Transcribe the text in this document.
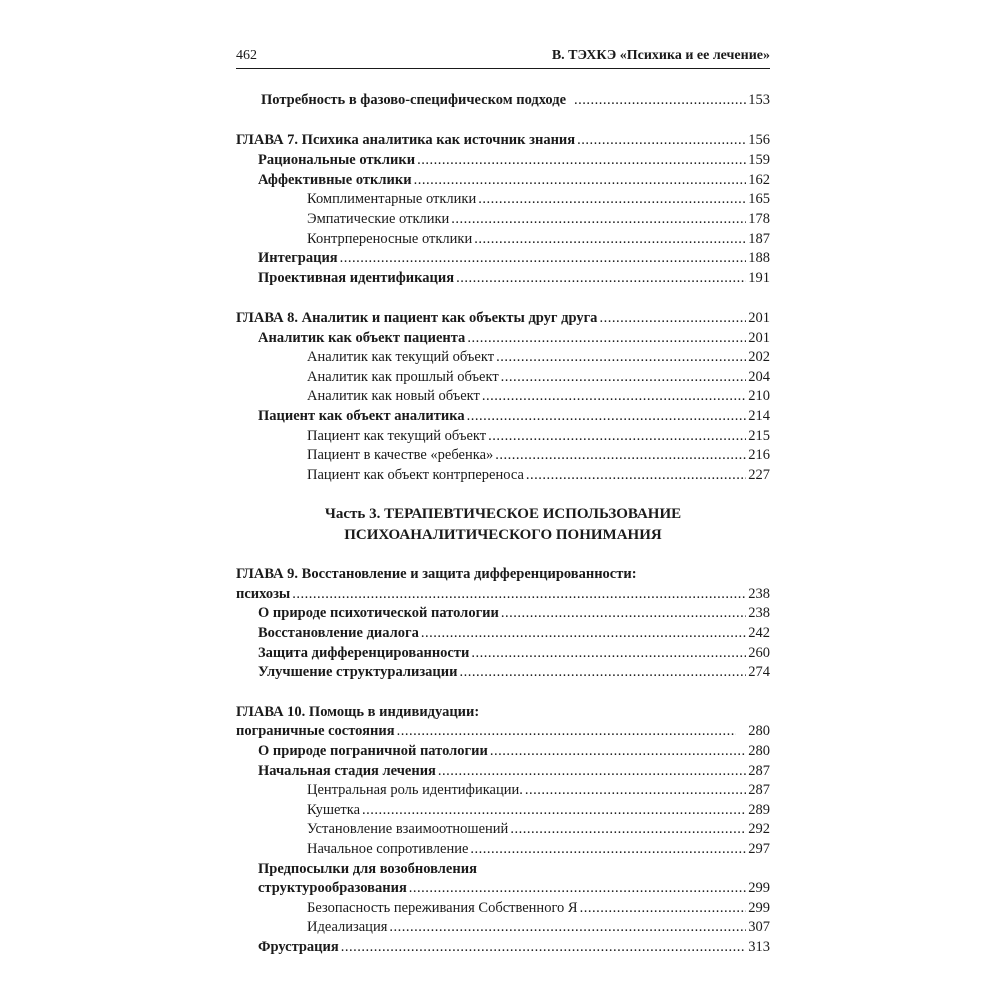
462	В. ТЭХКЭ «Психика и ее лечение»
Потребность в фазово-специфическом подходе .....	153
ГЛАВА 7. Психика аналитика как источник знания .....	156
Рациональные отклики .....	159
Аффективные отклики .....	162
Комплиментарные отклики .....	165
Эмпатические отклики .....	178
Контрпереносные отклики .....	187
Интеграция .....	188
Проективная идентификация .....	191
ГЛАВА 8. Аналитик и пациент как объекты друг друга .....	201
Аналитик как объект пациента .....	201
Аналитик как текущий объект .....	202
Аналитик как прошлый объект .....	204
Аналитик как новый объект .....	210
Пациент как объект аналитика .....	214
Пациент как текущий объект .....	215
Пациент в качестве «ребенка» .....	216
Пациент как объект контрпереноса .....	227
Часть 3. ТЕРАПЕВТИЧЕСКОЕ ИСПОЛЬЗОВАНИЕ
ПСИХОАНАЛИТИЧЕСКОГО ПОНИМАНИЯ
ГЛАВА 9. Восстановление и защита дифференцированности:
психозы .....	238
О природе психотической патологии .....	238
Восстановление диалога .....	242
Защита дифференцированности .....	260
Улучшение структурализации .....	274
ГЛАВА 10. Помощь в индивидуации:
пограничные состояния .....	280
О природе пограничной патологии .....	280
Начальная стадия лечения .....	287
Центральная роль идентификации. .....	287
Кушетка .....	289
Установление взаимоотношений .....	292
Начальное сопротивление .....	297
Предпосылки для возобновления
структурообразования .....	299
Безопасность переживания Собственного Я .....	299
Идеализация .....	307
Фрустрация .....	313
